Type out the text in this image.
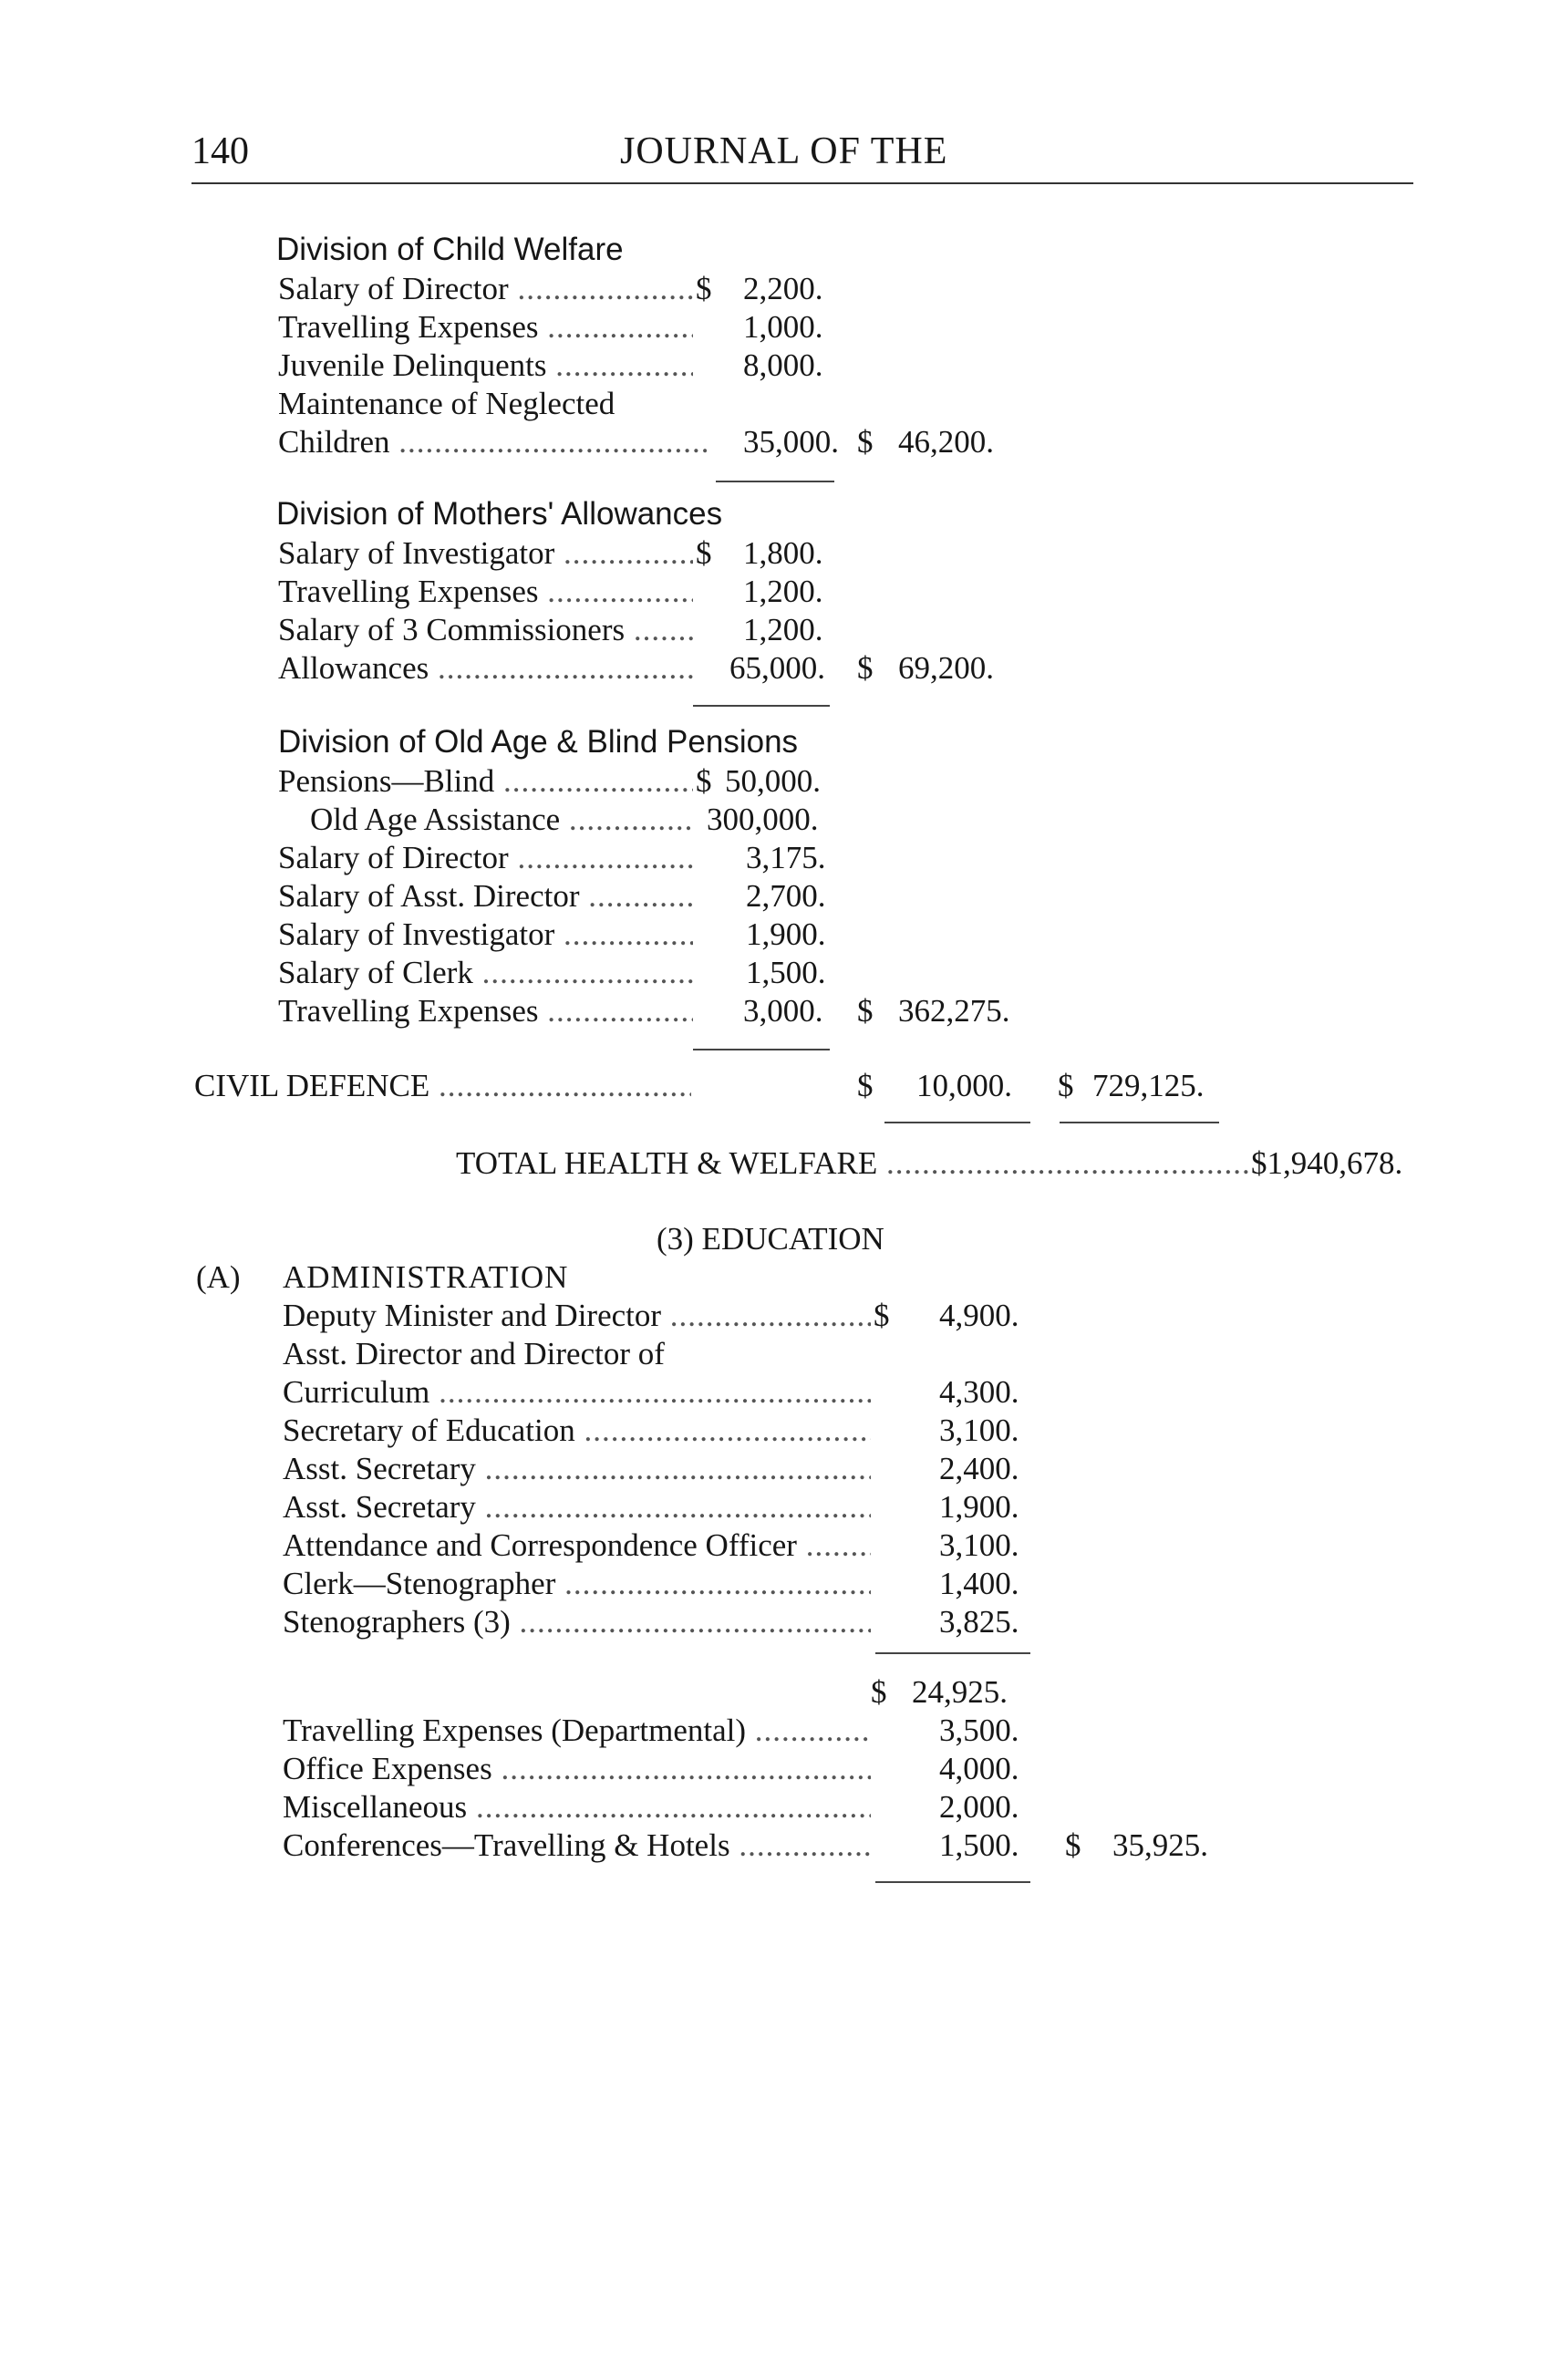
140	JOURNAL OF THE
Division of Child Welfare
Salary of Director .....	$ 2,200.
Travelling Expenses .....	1,000.
Juvenile Delinquents .....	8,000.
Maintenance of Neglected
Children .....	35,000. $ 46,200.
Division of Mothers' Allowances
Salary of Investigator .....	$ 1,800.
Travelling Expenses .....	1,200.
Salary of 3 Commissioners .....	1,200.
Allowances .....	65,000. $ 69,200.
Division of Old Age & Blind Pensions
Pensions—Blind .....	$ 50,000.
Old Age Assistance .....	300,000.
Salary of Director .....	3,175.
Salary of Asst. Director .....	2,700.
Salary of Investigator .....	1,900.
Salary of Clerk .....	1,500.
Travelling Expenses .....	3,000. $ 362,275.
CIVIL DEFENCE .....	$ 10,000. $ 729,125.
TOTAL HEALTH & WELFARE .....	$1,940,678.
(3) EDUCATION
(A) ADMINISTRATION
Deputy Minister and Director .....	$ 4,900.
Asst. Director and Director of
Curriculum .....	4,300.
Secretary of Education .....	3,100.
Asst. Secretary .....	2,400.
Asst. Secretary .....	1,900.
Attendance and Correspondence Officer .....	3,100.
Clerk—Stenographer .....	1,400.
Stenographers (3) .....	3,825.
$ 24,925.
Travelling Expenses (Departmental) .....	3,500.
Office Expenses .....	4,000.
Miscellaneous .....	2,000.
Conferences—Travelling & Hotels .....	1,500. $ 35,925.
